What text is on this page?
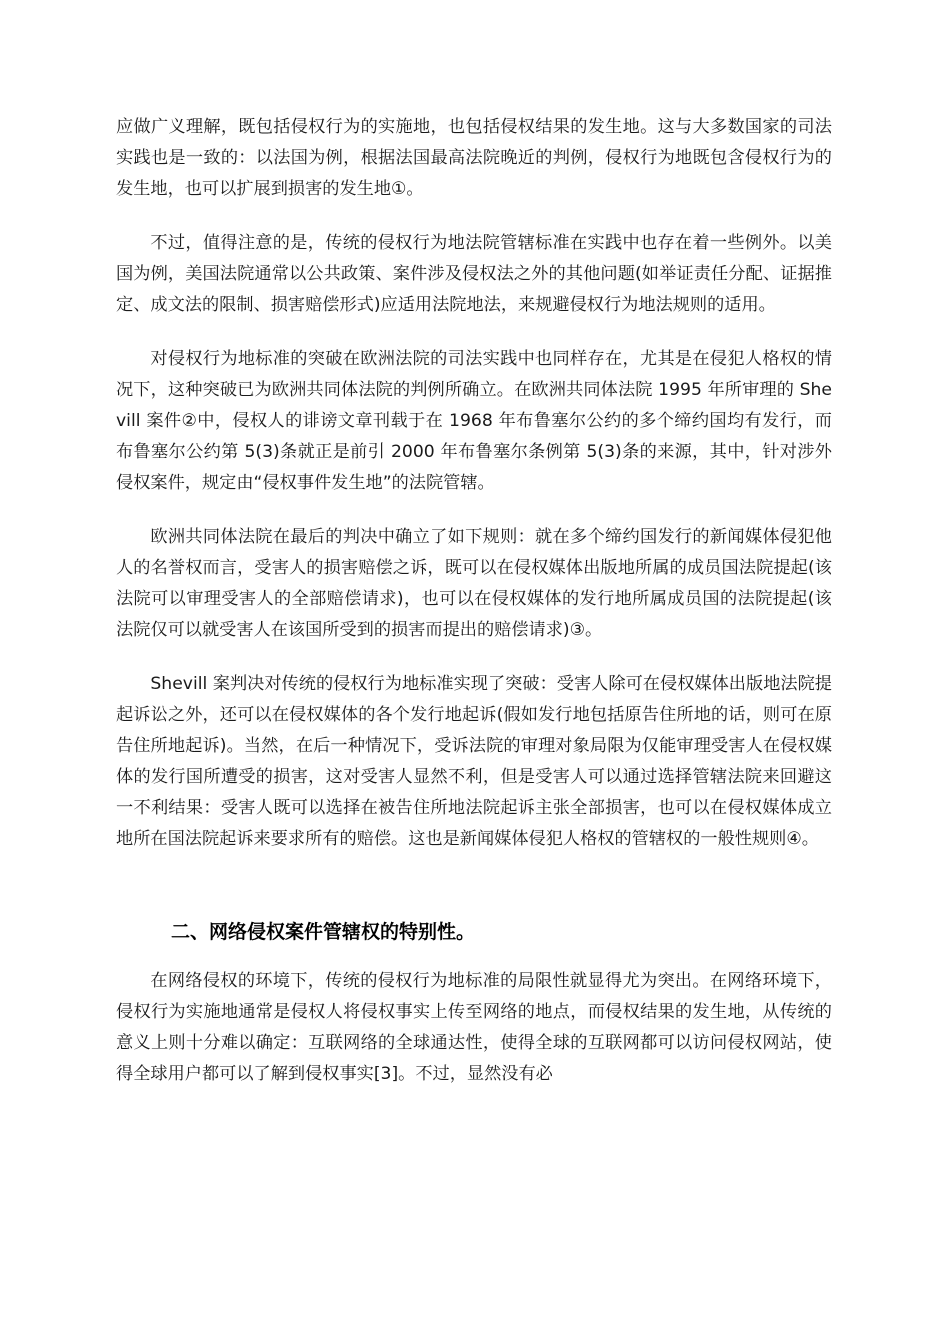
应做广义理解，既包括侵权行为的实施地，也包括侵权结果的发生地。这与大多数国家的司法实践也是一致的：以法国为例，根据法国最高法院晚近的判例，侵权行为地既包含侵权行为的发生地，也可以扩展到损害的发生地①。

不过，值得注意的是，传统的侵权行为地法院管辖标准在实践中也存在着一些例外。以美国为例，美国法院通常以公共政策、案件涉及侵权法之外的其他问题(如举证责任分配、证据推定、成文法的限制、损害赔偿形式)应适用法院地法，来规避侵权行为地法规则的适用。

对侵权行为地标准的突破在欧洲法院的司法实践中也同样存在，尤其是在侵犯人格权的情况下，这种突破已为欧洲共同体法院的判例所确立。在欧洲共同体法院 1995 年所审理的 Shevill 案件②中，侵权人的诽谤文章刊载于在 1968 年布鲁塞尔公约的多个缔约国均有发行，而布鲁塞尔公约第 5(3)条就正是前引 2000 年布鲁塞尔条例第 5(3)条的来源，其中，针对涉外侵权案件，规定由“侵权事件发生地”的法院管辖。

欧洲共同体法院在最后的判决中确立了如下规则：就在多个缔约国发行的新闻媒体侵犯他人的名誉权而言，受害人的损害赔偿之诉，既可以在侵权媒体出版地所属的成员国法院提起(该法院可以审理受害人的全部赔偿请求)，也可以在侵权媒体的发行地所属成员国的法院提起(该法院仅可以就受害人在该国所受到的损害而提出的赔偿请求)③。

Shevill 案判决对传统的侵权行为地标准实现了突破：受害人除可在侵权媒体出版地法院提起诉讼之外，还可以在侵权媒体的各个发行地起诉(假如发行地包括原告住所地的话，则可在原告住所地起诉)。当然，在后一种情况下，受诉法院的审理对象局限为仅能审理受害人在侵权媒体的发行国所遭受的损害，这对受害人显然不利，但是受害人可以通过选择管辖法院来回避这一不利结果：受害人既可以选择在被告住所地法院起诉主张全部损害，也可以在侵权媒体成立地所在国法院起诉来要求所有的赔偿。这也是新闻媒体侵犯人格权的管辖权的一般性规则④。

二、网络侵权案件管辖权的特别性。

在网络侵权的环境下，传统的侵权行为地标准的局限性就显得尤为突出。在网络环境下，侵权行为实施地通常是侵权人将侵权事实上传至网络的地点，而侵权结果的发生地，从传统的意义上则十分难以确定：互联网络的全球通达性，使得全球的互联网都可以访问侵权网站，使得全球用户都可以了解到侵权事实[3]。不过，显然没有必
